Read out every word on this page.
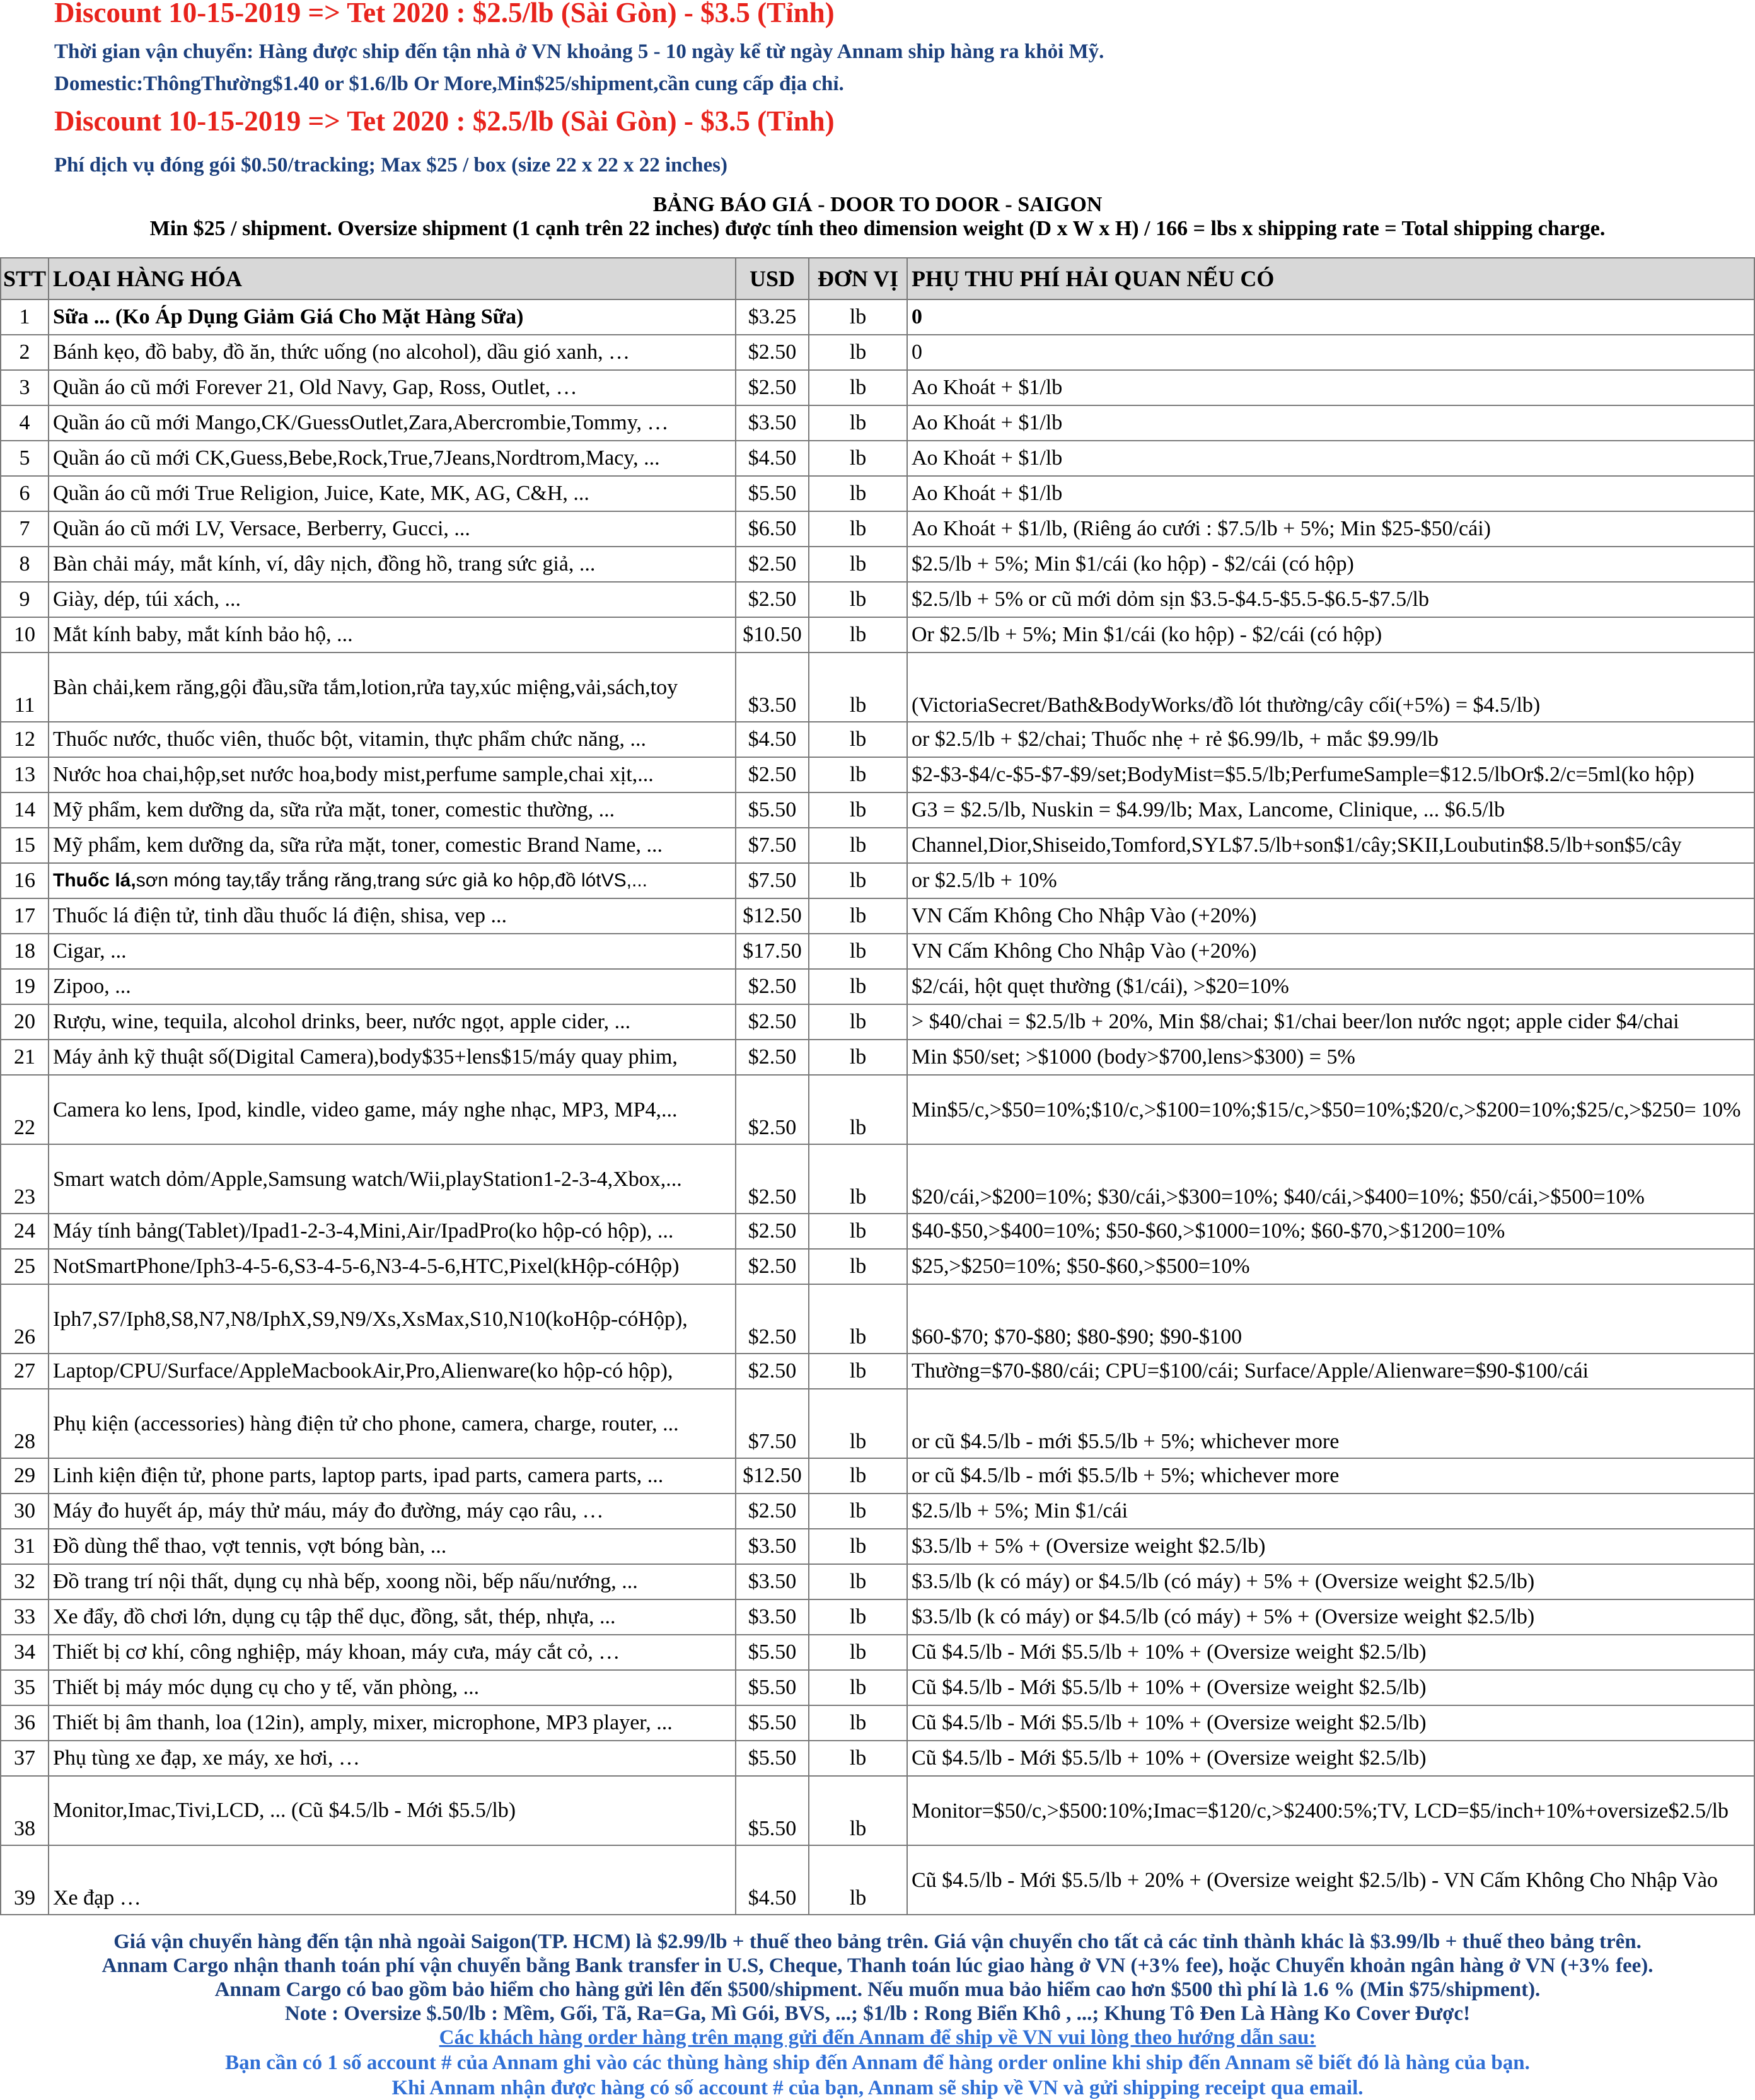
Discount 10-15-2019 => Tet 2020 : $2.5/lb (Sài Gòn) - $3.5 (Tỉnh)
Thời gian vận chuyển: Hàng được ship đến tận nhà ở VN khoảng 5 - 10 ngày kể từ ngày Annam ship hàng ra khỏi Mỹ.
Domestic:ThôngThường$1.40 or $1.6/lb Or More,Min$25/shipment,cần cung cấp địa chỉ.
Discount 10-15-2019 => Tet 2020 : $2.5/lb (Sài Gòn) - $3.5 (Tỉnh)
Phí dịch vụ đóng gói $0.50/tracking; Max $25 / box (size 22 x 22 x 22 inches)
BẢNG BÁO GIÁ - DOOR TO DOOR - SAIGON
Min $25 / shipment. Oversize shipment (1 cạnh trên 22 inches) được tính theo dimension weight (D x W x H) / 166 = lbs x shipping rate = Total shipping charge.
STT	LOẠI HÀNG HÓA	USD	ĐƠN VỊ	PHỤ THU PHÍ HẢI QUAN NẾU CÓ
1	Sữa ... (Ko Áp Dụng Giảm Giá Cho Mặt Hàng Sữa)	$3.25	lb	0
2	Bánh kẹo, đồ baby, đồ ăn, thức uống (no alcohol), dầu gió xanh, …	$2.50	lb	0
3	Quần áo cũ mới Forever 21, Old Navy, Gap, Ross, Outlet, …	$2.50	lb	Ao Khoát + $1/lb
4	Quần áo cũ mới Mango,CK/GuessOutlet,Zara,Abercrombie,Tommy, …	$3.50	lb	Ao Khoát + $1/lb
5	Quần áo cũ mới CK,Guess,Bebe,Rock,True,7Jeans,Nordtrom,Macy, ...	$4.50	lb	Ao Khoát + $1/lb
6	Quần áo cũ mới True Religion, Juice, Kate, MK, AG, C&H, ...	$5.50	lb	Ao Khoát + $1/lb
7	Quần áo cũ mới LV, Versace, Berberry, Gucci, ...	$6.50	lb	Ao Khoát + $1/lb, (Riêng áo cưới : $7.5/lb + 5%; Min $25-$50/cái)
8	Bàn chải máy, mắt kính, ví, dây nịch, đồng hồ, trang sức giả, ...	$2.50	lb	$2.5/lb + 5%; Min $1/cái (ko hộp) - $2/cái (có hộp)
9	Giày, dép, túi xách, ...	$2.50	lb	$2.5/lb + 5% or cũ mới dỏm sịn $3.5-$4.5-$5.5-$6.5-$7.5/lb
10	Mắt kính baby, mắt kính bảo hộ, ...	$10.50	lb	Or $2.5/lb + 5%; Min $1/cái (ko hộp) - $2/cái (có hộp)
11	Bàn chải,kem răng,gội đầu,sữa tắm,lotion,rửa tay,xúc miệng,vải,sách,toy	$3.50	lb	(VictoriaSecret/Bath&BodyWorks/đồ lót thường/cây cối(+5%) = $4.5/lb)
12	Thuốc nước, thuốc viên, thuốc bột, vitamin, thực phẩm chức năng, ...	$4.50	lb	or $2.5/lb + $2/chai; Thuốc nhẹ + rẻ $6.99/lb, + mắc $9.99/lb
13	Nước hoa chai,hộp,set nước hoa,body mist,perfume sample,chai xịt,...	$2.50	lb	$2-$3-$4/c-$5-$7-$9/set;BodyMist=$5.5/lb;PerfumeSample=$12.5/lbOr$.2/c=5ml(ko hộp)
14	Mỹ phẩm, kem dưỡng da, sữa rửa mặt, toner, comestic thường, ...	$5.50	lb	G3 = $2.5/lb, Nuskin = $4.99/lb; Max, Lancome, Clinique, ... $6.5/lb
15	Mỹ phẩm, kem dưỡng da, sữa rửa mặt, toner, comestic Brand Name, ...	$7.50	lb	Channel,Dior,Shiseido,Tomford,SYL$7.5/lb+son$1/cây;SKII,Loubutin$8.5/lb+son$5/cây
16	Thuốc lá,sơn móng tay,tẩy trắng răng,trang sức giả ko hộp,đồ lótVS,...	$7.50	lb	or $2.5/lb + 10%
17	Thuốc lá điện tử, tinh dầu thuốc lá điện, shisa, vep ...	$12.50	lb	VN Cấm Không Cho Nhập Vào (+20%)
18	Cigar, ...	$17.50	lb	VN Cấm Không Cho Nhập Vào (+20%)
19	Zipoo, ...	$2.50	lb	$2/cái, hột quẹt thường ($1/cái), >$20=10%
20	Rượu, wine, tequila, alcohol drinks, beer, nước ngọt, apple cider, ...	$2.50	lb	> $40/chai = $2.5/lb + 20%, Min $8/chai; $1/chai beer/lon nước ngọt; apple cider $4/chai
21	Máy ảnh kỹ thuật số(Digital Camera),body$35+lens$15/máy quay phim,	$2.50	lb	Min $50/set; >$1000 (body>$700,lens>$300) = 5%
22	Camera ko lens, Ipod, kindle, video game, máy nghe nhạc, MP3, MP4,...	$2.50	lb	Min$5/c,>$50=10%;$10/c,>$100=10%;$15/c,>$50=10%;$20/c,>$200=10%;$25/c,>$250= 10%
23	Smart watch dỏm/Apple,Samsung watch/Wii,playStation1-2-3-4,Xbox,...	$2.50	lb	$20/cái,>$200=10%; $30/cái,>$300=10%; $40/cái,>$400=10%; $50/cái,>$500=10%
24	Máy tính bảng(Tablet)/Ipad1-2-3-4,Mini,Air/IpadPro(ko hộp-có hộp), ...	$2.50	lb	$40-$50,>$400=10%; $50-$60,>$1000=10%; $60-$70,>$1200=10%
25	NotSmartPhone/Iph3-4-5-6,S3-4-5-6,N3-4-5-6,HTC,Pixel(kHộp-cóHộp)	$2.50	lb	$25,>$250=10%; $50-$60,>$500=10%
26	Iph7,S7/Iph8,S8,N7,N8/IphX,S9,N9/Xs,XsMax,S10,N10(koHộp-cóHộp),	$2.50	lb	$60-$70; $70-$80; $80-$90; $90-$100
27	Laptop/CPU/Surface/AppleMacbookAir,Pro,Alienware(ko hộp-có hộp),	$2.50	lb	Thường=$70-$80/cái; CPU=$100/cái; Surface/Apple/Alienware=$90-$100/cái
28	Phụ kiện (accessories) hàng điện tử cho phone, camera, charge, router, ...	$7.50	lb	or cũ $4.5/lb - mới $5.5/lb + 5%; whichever more
29	Linh kiện điện tử, phone parts, laptop parts, ipad parts, camera parts, ...	$12.50	lb	or cũ $4.5/lb - mới $5.5/lb + 5%; whichever more
30	Máy đo huyết áp, máy thử máu, máy đo đường, máy cạo râu, …	$2.50	lb	$2.5/lb + 5%; Min $1/cái
31	Đồ dùng thể thao, vợt tennis, vợt bóng bàn, ...	$3.50	lb	$3.5/lb + 5% + (Oversize weight $2.5/lb)
32	Đồ trang trí nội thất, dụng cụ nhà bếp, xoong nồi, bếp nấu/nướng, ...	$3.50	lb	$3.5/lb (k có máy) or $4.5/lb (có máy) + 5% + (Oversize weight $2.5/lb)
33	Xe đẩy, đồ chơi lớn, dụng cụ tập thể dục, đồng, sắt, thép, nhựa, ...	$3.50	lb	$3.5/lb (k có máy) or $4.5/lb (có máy) + 5% + (Oversize weight $2.5/lb)
34	Thiết bị cơ khí, công nghiệp, máy khoan, máy cưa, máy cắt cỏ, …	$5.50	lb	Cũ $4.5/lb - Mới $5.5/lb + 10% + (Oversize weight $2.5/lb)
35	Thiết bị máy móc dụng cụ cho y tế, văn phòng, ...	$5.50	lb	Cũ $4.5/lb - Mới $5.5/lb + 10% + (Oversize weight $2.5/lb)
36	Thiết bị âm thanh, loa (12in), amply, mixer, microphone, MP3 player, ...	$5.50	lb	Cũ $4.5/lb - Mới $5.5/lb + 10% + (Oversize weight $2.5/lb)
37	Phụ tùng xe đạp, xe máy, xe hơi, …	$5.50	lb	Cũ $4.5/lb - Mới $5.5/lb + 10% + (Oversize weight $2.5/lb)
38	Monitor,Imac,Tivi,LCD, ... (Cũ $4.5/lb - Mới $5.5/lb)	$5.50	lb	Monitor=$50/c,>$500:10%;Imac=$120/c,>$2400:5%;TV, LCD=$5/inch+10%+oversize$2.5/lb
39	Xe đạp …	$4.50	lb	Cũ $4.5/lb - Mới $5.5/lb + 20% + (Oversize weight $2.5/lb) - VN Cấm Không Cho Nhập Vào
Giá vận chuyển hàng đến tận nhà ngoài Saigon(TP. HCM) là $2.99/lb + thuế theo bảng trên. Giá vận chuyển cho tất cả các tỉnh thành khác là $3.99/lb + thuế theo bảng trên.
Annam Cargo nhận thanh toán phí vận chuyển bằng Bank transfer in U.S, Cheque, Thanh toán lúc giao hàng ở VN (+3% fee), hoặc Chuyển khoản ngân hàng ở VN (+3% fee).
Annam Cargo có bao gồm bảo hiểm cho hàng gửi lên đến $500/shipment. Nếu muốn mua bảo hiểm cao hơn $500 thì phí là 1.6 % (Min $75/shipment).
Note : Oversize $.50/lb : Mềm, Gối, Tã, Ra=Ga, Mì Gói, BVS, ...; $1/lb : Rong Biển Khô , ...; Khung Tô Đen Là Hàng Ko Cover Được!
Các khách hàng order hàng trên mạng gửi đến Annam để ship về VN vui lòng theo hướng dẫn sau:
Bạn cần có 1 số account # của Annam ghi vào các thùng hàng ship đến Annam để hàng order online khi ship đến Annam sẽ biết đó là hàng của bạn.
Khi Annam nhận được hàng có số account # của bạn, Annam sẽ ship về VN và gửi shipping receipt qua email.
